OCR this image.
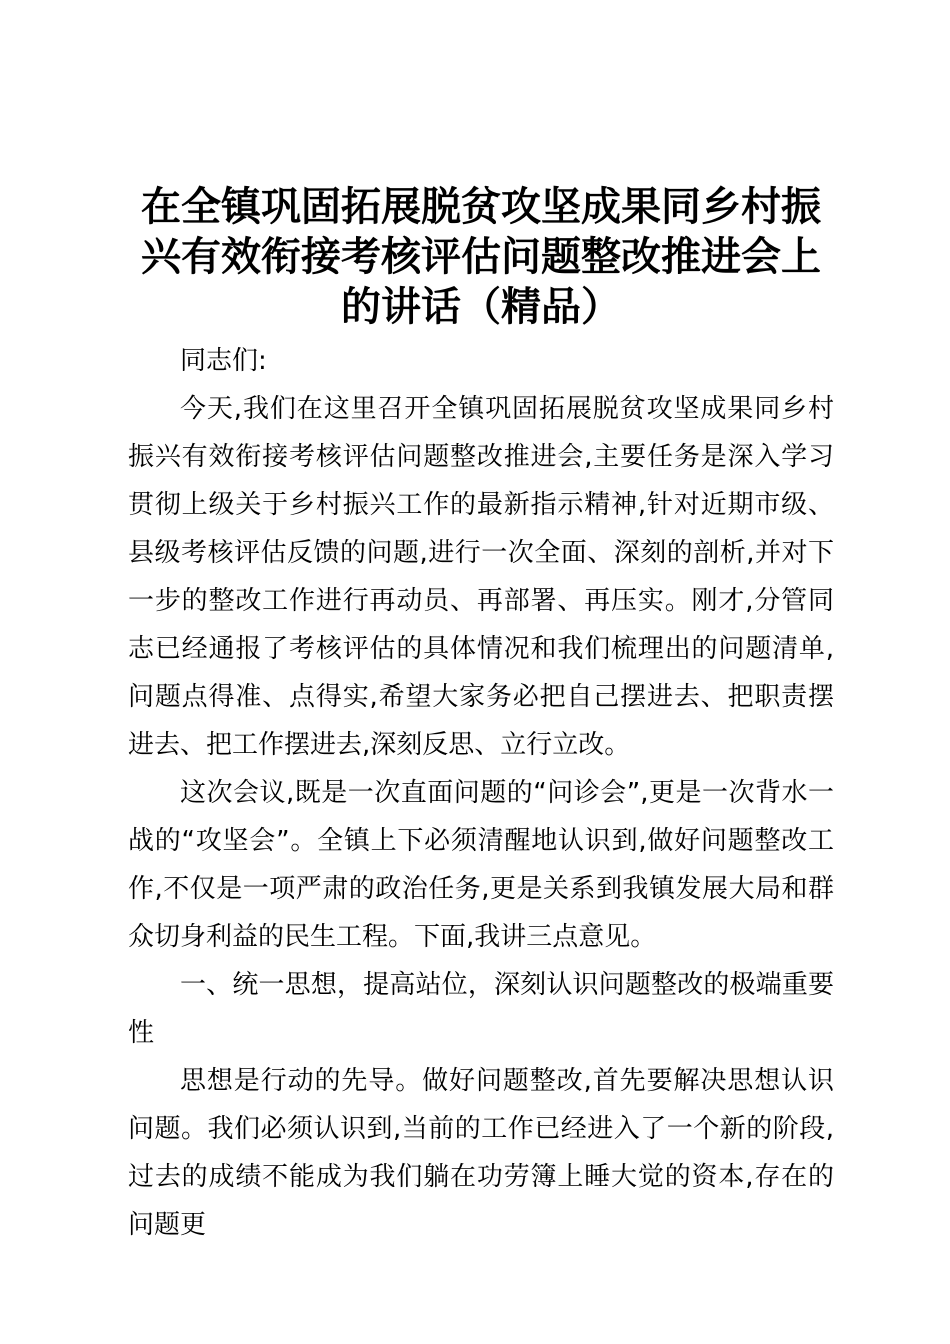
在全镇巩固拓展脱贫攻坚成果同乡村振
兴有效衔接考核评估问题整改推进会上
的讲话（精品）

同志们:

今天,我们在这里召开全镇巩固拓展脱贫攻坚成果同乡村振兴有效衔接考核评估问题整改推进会,主要任务是深入学习贯彻上级关于乡村振兴工作的最新指示精神,针对近期市级、县级考核评估反馈的问题,进行一次全面、深刻的剖析,并对下一步的整改工作进行再动员、再部署、再压实。刚才,分管同志已经通报了考核评估的具体情况和我们梳理出的问题清单,问题点得准、点得实,希望大家务必把自己摆进去、把职责摆进去、把工作摆进去,深刻反思、立行立改。

这次会议,既是一次直面问题的“问诊会”,更是一次背水一战的“攻坚会”。全镇上下必须清醒地认识到,做好问题整改工作,不仅是一项严肃的政治任务,更是关系到我镇发展大局和群众切身利益的民生工程。下面,我讲三点意见。

一、统一思想，提高站位，深刻认识问题整改的极端重要性

思想是行动的先导。做好问题整改,首先要解决思想认识问题。我们必须认识到,当前的工作已经进入了一个新的阶段,过去的成绩不能成为我们躺在功劳簿上睡大觉的资本,存在的问题更
